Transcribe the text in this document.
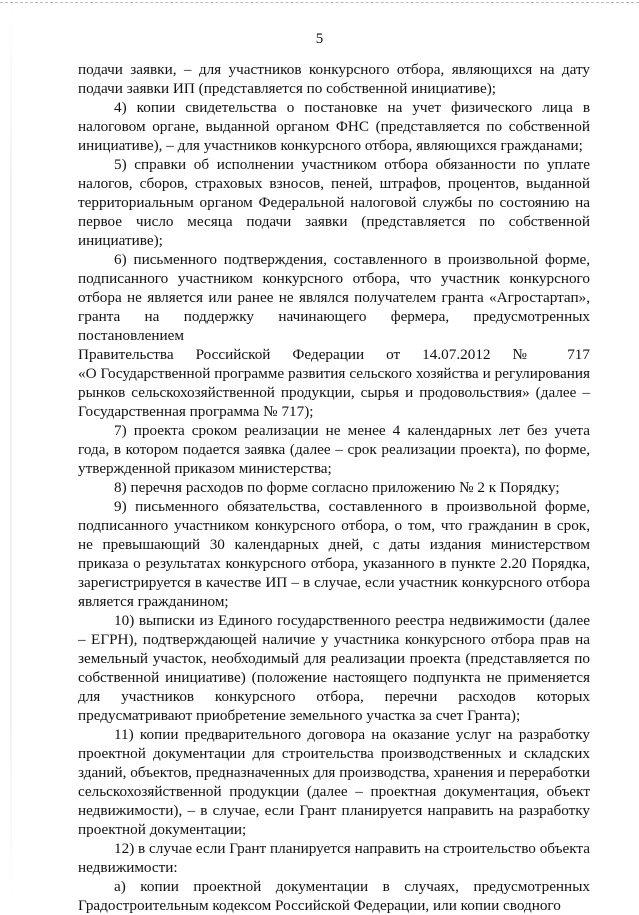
5

подачи заявки, – для участников конкурсного отбора, являющихся на дату подачи заявки ИП (представляется по собственной инициативе);

4) копии свидетельства о постановке на учет физического лица в налоговом органе, выданной органом ФНС (представляется по собственной инициативе), – для участников конкурсного отбора, являющихся гражданами;

5) справки об исполнении участником отбора обязанности по уплате налогов, сборов, страховых взносов, пеней, штрафов, процентов, выданной территориальным органом Федеральной налоговой службы по состоянию на первое число месяца подачи заявки (представляется по собственной инициативе);

6) письменного подтверждения, составленного в произвольной форме, подписанного участником конкурсного отбора, что участник конкурсного отбора не является или ранее не являлся получателем гранта «Агростартап», гранта на поддержку начинающего фермера, предусмотренных постановлением

Правительства Российской Федерации от 14.07.2012 № 717

«О Государственной программе развития сельского хозяйства и регулирования рынков сельскохозяйственной продукции, сырья и продовольствия» (далее – Государственная программа № 717);

7) проекта сроком реализации не менее 4 календарных лет без учета года, в котором подается заявка (далее – срок реализации проекта), по форме, утвержденной приказом министерства;

8) перечня расходов по форме согласно приложению № 2 к Порядку;

9) письменного обязательства, составленного в произвольной форме, подписанного участником конкурсного отбора, о том, что гражданин в срок, не превышающий 30 календарных дней, с даты издания министерством приказа о результатах конкурсного отбора, указанного в пункте 2.20 Порядка, зарегистрируется в качестве ИП – в случае, если участник конкурсного отбора является гражданином;

10) выписки из Единого государственного реестра недвижимости (далее – ЕГРН), подтверждающей наличие у участника конкурсного отбора прав на земельный участок, необходимый для реализации проекта (представляется по собственной инициативе) (положение настоящего подпункта не применяется для участников конкурсного отбора, перечни расходов которых предусматривают приобретение земельного участка за счет Гранта);

11) копии предварительного договора на оказание услуг на разработку проектной документации для строительства производственных и складских зданий, объектов, предназначенных для производства, хранения и переработки сельскохозяйственной продукции (далее – проектная документация, объект недвижимости), – в случае, если Грант планируется направить на разработку проектной документации;

12) в случае если Грант планируется направить на строительство объекта недвижимости:

а) копии проектной документации в случаях, предусмотренных Градостроительным кодексом Российской Федерации, или копии сводного
